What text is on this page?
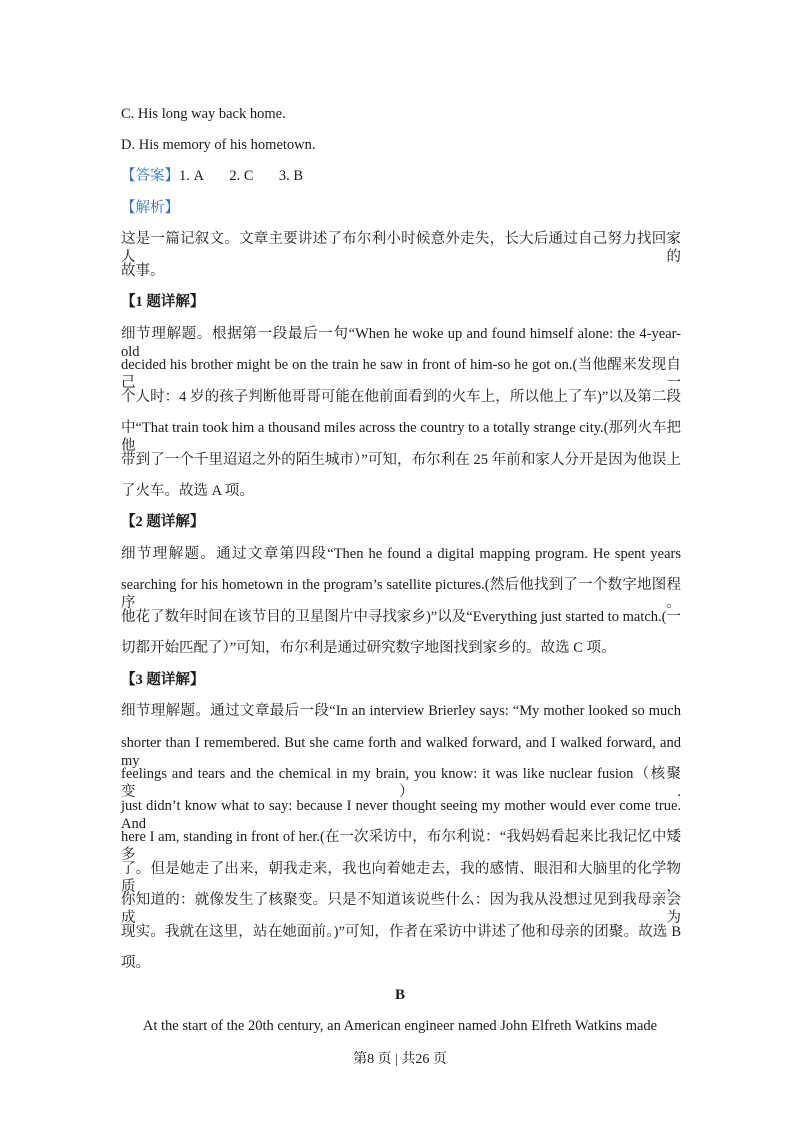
C. His long way back home.
D. His memory of his hometown.
【答案】1. A       2. C       3. B
【解析】
这是一篇记叙文。文章主要讲述了布尔利小时候意外走失，长大后通过自己努力找回家人的
故事。
【1 题详解】
细节理解题。根据第一段最后一句“When he woke up and found himself alone: the 4-year-old
decided his brother might be on the train he saw in front of him-so he got on.(当他醒来发现自己一
个人时：4 岁的孩子判断他哥哥可能在他前面看到的火车上，所以他上了车)”以及第二段
中“That train took him a thousand miles across the country to a totally strange city.(那列火车把他
带到了一个千里迢迢之外的陌生城市）”可知，布尔利在 25 年前和家人分开是因为他误上
了火车。故选 A 项。
【2 题详解】
细节理解题。通过文章第四段“Then he found a digital mapping program. He spent years
searching for his hometown in the program’s satellite pictures.(然后他找到了一个数字地图程序。
他花了数年时间在该节目的卫星图片中寻找家乡)”以及“Everything just started to match.(一
切都开始匹配了）”可知，布尔利是通过研究数字地图找到家乡的。故选 C 项。
【3 题详解】
细节理解题。通过文章最后一段“In an interview Brierley says: “My mother looked so much
shorter than I remembered. But she came forth and walked forward, and I walked forward, and my
feelings and tears and the chemical in my brain, you know: it was like nuclear fusion（核聚变）.
just didn’t know what to say: because I never thought seeing my mother would ever come true. And
here I am, standing in front of her.(在一次采访中，布尔利说：“我妈妈看起来比我记忆中矮多
了。但是她走了出来，朝我走来，我也向着她走去，我的感情、眼泪和大脑里的化学物质，
你知道的：就像发生了核聚变。只是不知道该说些什么：因为我从没想过见到我母亲会成为
现实。我就在这里，站在她面前。)”可知，作者在采访中讲述了他和母亲的团聚。故选 B
项。
B
At the start of the 20th century, an American engineer named John Elfreth Watkins made
第8 页 | 共26 页
